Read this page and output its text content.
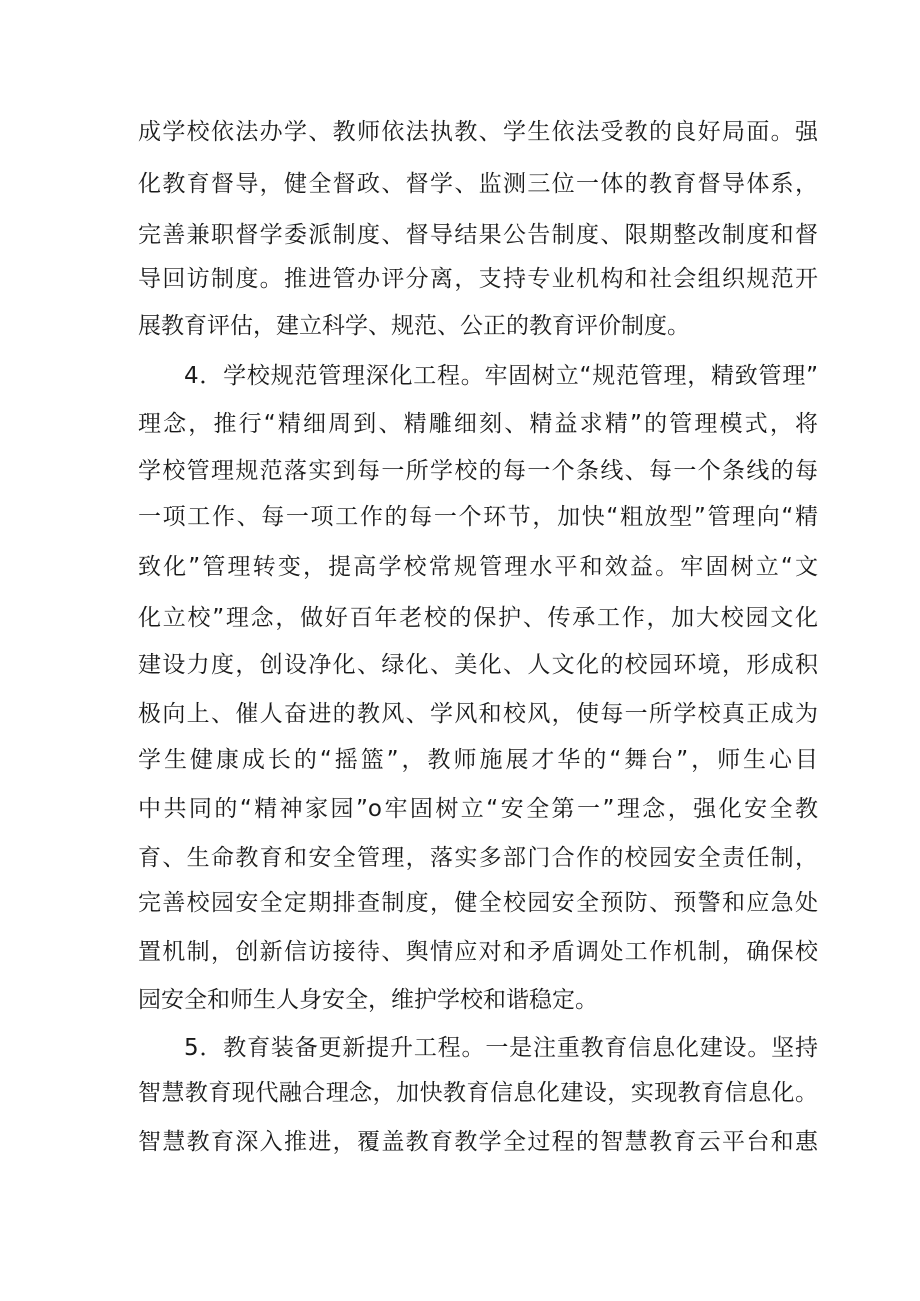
成学校依法办学、教师依法执教、学生依法受教的良好局面。强
化教育督导，健全督政、督学、监测三位一体的教育督导体系，
完善兼职督学委派制度、督导结果公告制度、限期整改制度和督
导回访制度。推进管办评分离，支持专业机构和社会组织规范开
展教育评估，建立科学、规范、公正的教育评价制度。
4．学校规范管理深化工程。牢固树立“规范管理，精致管理”
理念，推行“精细周到、精雕细刻、精益求精”的管理模式，将
学校管理规范落实到每一所学校的每一个条线、每一个条线的每
一项工作、每一项工作的每一个环节，加快“粗放型”管理向“精
致化”管理转变，提高学校常规管理水平和效益。牢固树立“文
化立校”理念，做好百年老校的保护、传承工作，加大校园文化
建设力度，创设净化、绿化、美化、人文化的校园环境，形成积
极向上、催人奋进的教风、学风和校风，使每一所学校真正成为
学生健康成长的“摇篮”，教师施展才华的“舞台”，师生心目
中共同的“精神家园”o牢固树立“安全第一”理念，强化安全教
育、生命教育和安全管理，落实多部门合作的校园安全责任制，
完善校园安全定期排查制度，健全校园安全预防、预警和应急处
置机制，创新信访接待、舆情应对和矛盾调处工作机制，确保校
园安全和师生人身安全，维护学校和谐稳定。
5．教育装备更新提升工程。一是注重教育信息化建设。坚持
智慧教育现代融合理念，加快教育信息化建设，实现教育信息化。
智慧教育深入推进，覆盖教育教学全过程的智慧教育云平台和惠
